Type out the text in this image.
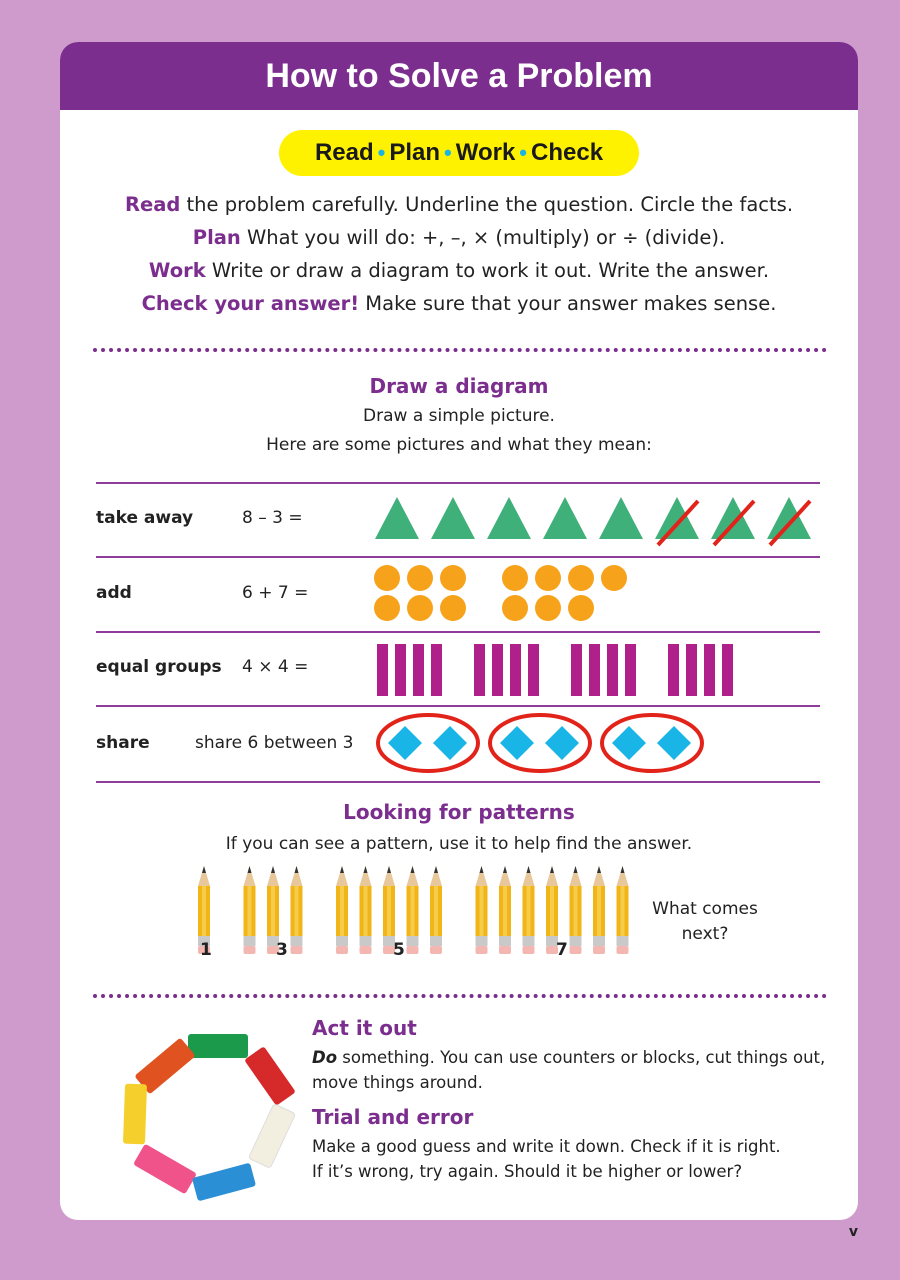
How to Solve a Problem
Read • Plan • Work • Check
Read the problem carefully. Underline the question. Circle the facts.
Plan What you will do: +, –, × (multiply) or ÷ (divide).
Work Write or draw a diagram to work it out. Write the answer.
Check your answer! Make sure that your answer makes sense.
Draw a diagram
Draw a simple picture.
Here are some pictures and what they mean:
take away	8 – 3 =
add	6 + 7 =
equal groups 4 × 4 =
share	share 6 between 3
Looking for patterns
If you can see a pattern, use it to help find the answer.
1	3	5	7
What comes
next?
Act it out
Do something. You can use counters or blocks, cut things out, move things around.
Trial and error
Make a good guess and write it down. Check if it is right. If it’s wrong, try again. Should it be higher or lower?
v
